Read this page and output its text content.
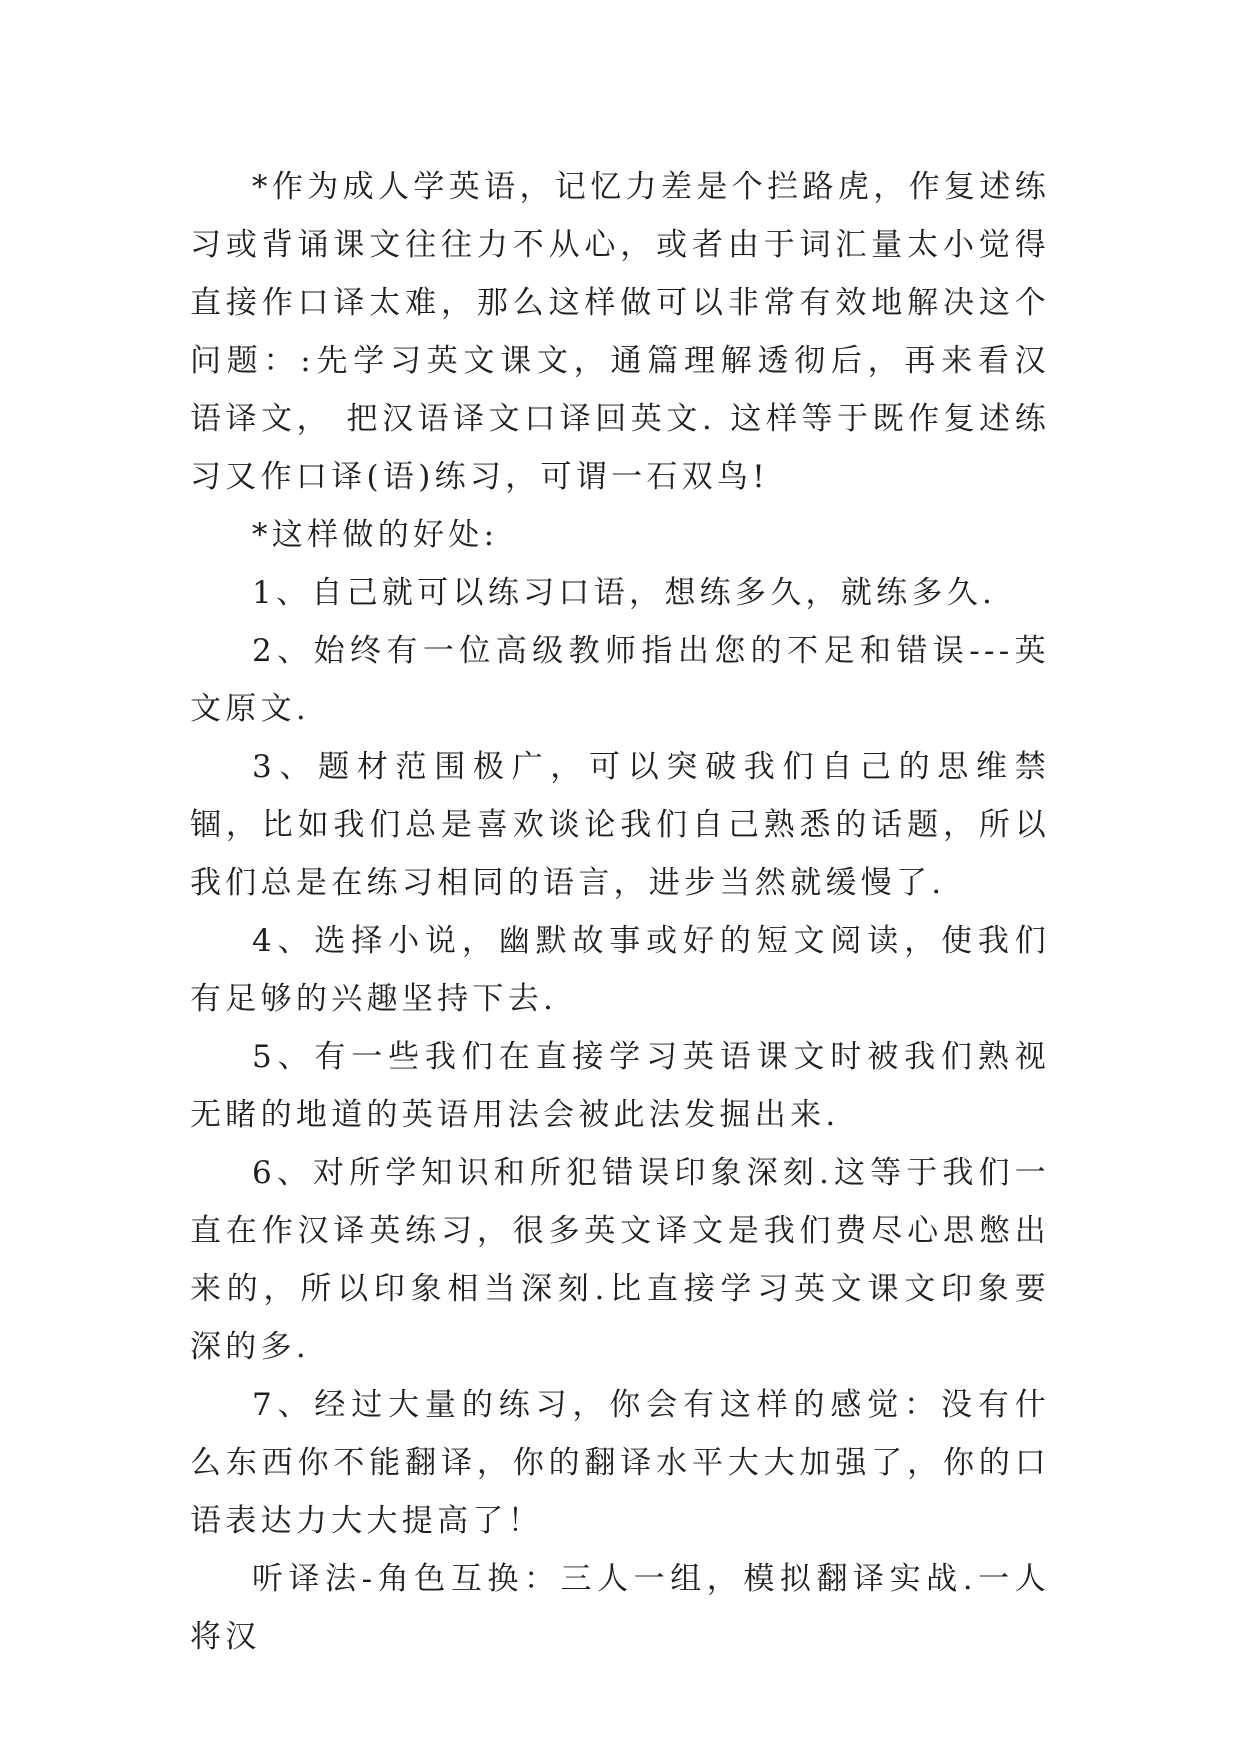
*作为成人学英语，记忆力差是个拦路虎，作复述练习或背诵课文往往力不从心，或者由于词汇量太小觉得直接作口译太难，那么这样做可以非常有效地解决这个问题：:先学习英文课文，通篇理解透彻后，再来看汉语译文， 把汉语译文口译回英文. 这样等于既作复述练习又作口译(语)练习，可谓一石双鸟!

*这样做的好处:

1、自己就可以练习口语，想练多久，就练多久.

2、始终有一位高级教师指出您的不足和错误---英文原文.

3、题材范围极广，可以突破我们自己的思维禁锢，比如我们总是喜欢谈论我们自己熟悉的话题，所以我们总是在练习相同的语言，进步当然就缓慢了.

4、选择小说，幽默故事或好的短文阅读，使我们有足够的兴趣坚持下去.

5、有一些我们在直接学习英语课文时被我们熟视无睹的地道的英语用法会被此法发掘出来.

6、对所学知识和所犯错误印象深刻.这等于我们一直在作汉译英练习，很多英文译文是我们费尽心思憋出来的，所以印象相当深刻.比直接学习英文课文印象要深的多.

7、经过大量的练习，你会有这样的感觉：没有什么东西你不能翻译，你的翻译水平大大加强了，你的口语表达力大大提高了！

听译法-角色互换：三人一组，模拟翻译实战.一人将汉
